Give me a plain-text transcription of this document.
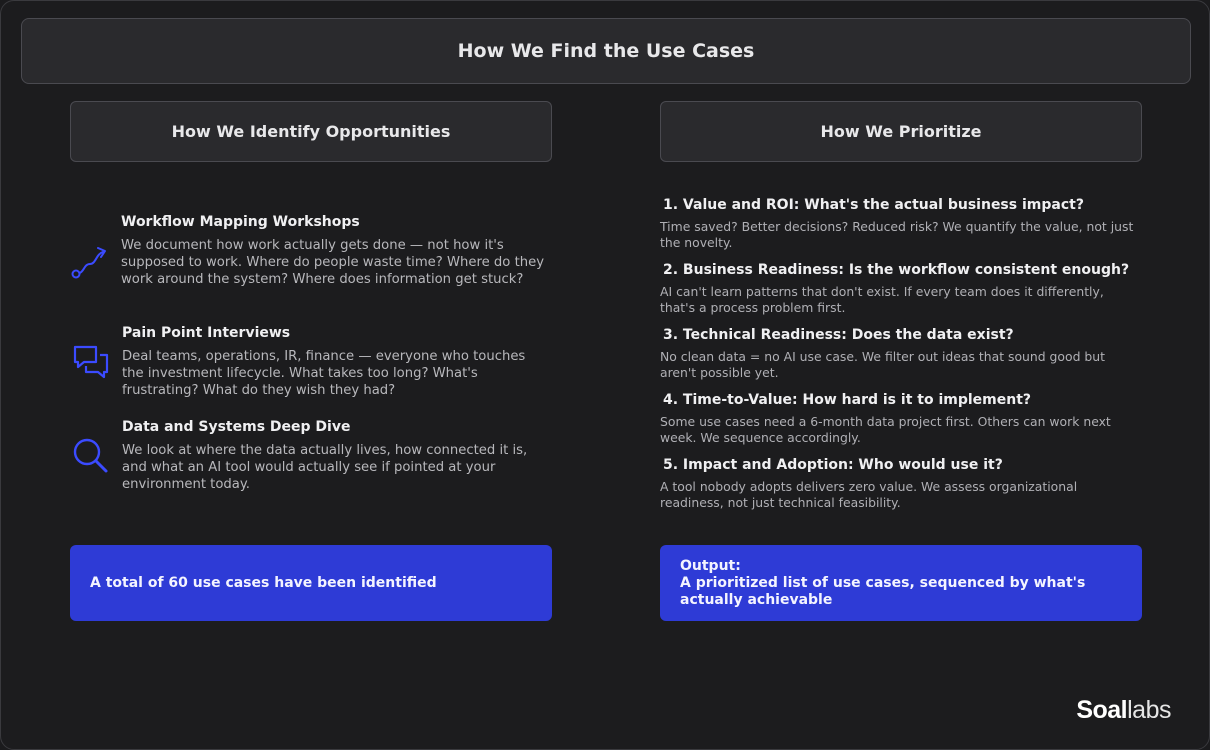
How We Find the Use Cases
How We Identify Opportunities

Workflow Mapping Workshops

We document how work actually gets done — not how it's supposed to work. Where do people waste time? Where do they work around the system? Where does information get stuck?

Pain Point Interviews

Deal teams, operations, IR, finance — everyone who touches the investment lifecycle. What takes too long? What's frustrating? What do they wish they had?

Data and Systems Deep Dive

We look at where the data actually lives, how connected it is, and what an AI tool would actually see if pointed at your environment today.

A total of 60 use cases have been identified
How We Prioritize

1. Value and ROI: What's the actual business impact?

Time saved? Better decisions? Reduced risk? We quantify the value, not just the novelty.

2. Business Readiness: Is the workflow consistent enough?

AI can't learn patterns that don't exist. If every team does it differently, that's a process problem first.

3. Technical Readiness: Does the data exist?

No clean data = no AI use case. We filter out ideas that sound good but aren't possible yet.

4. Time-to-Value: How hard is it to implement?

Some use cases need a 6-month data project first. Others can work next week. We sequence accordingly.

5. Impact and Adoption: Who would use it?

A tool nobody adopts delivers zero value. We assess organizational readiness, not just technical feasibility.

Output:
A prioritized list of use cases, sequenced by what's actually achievable
Soallabs
